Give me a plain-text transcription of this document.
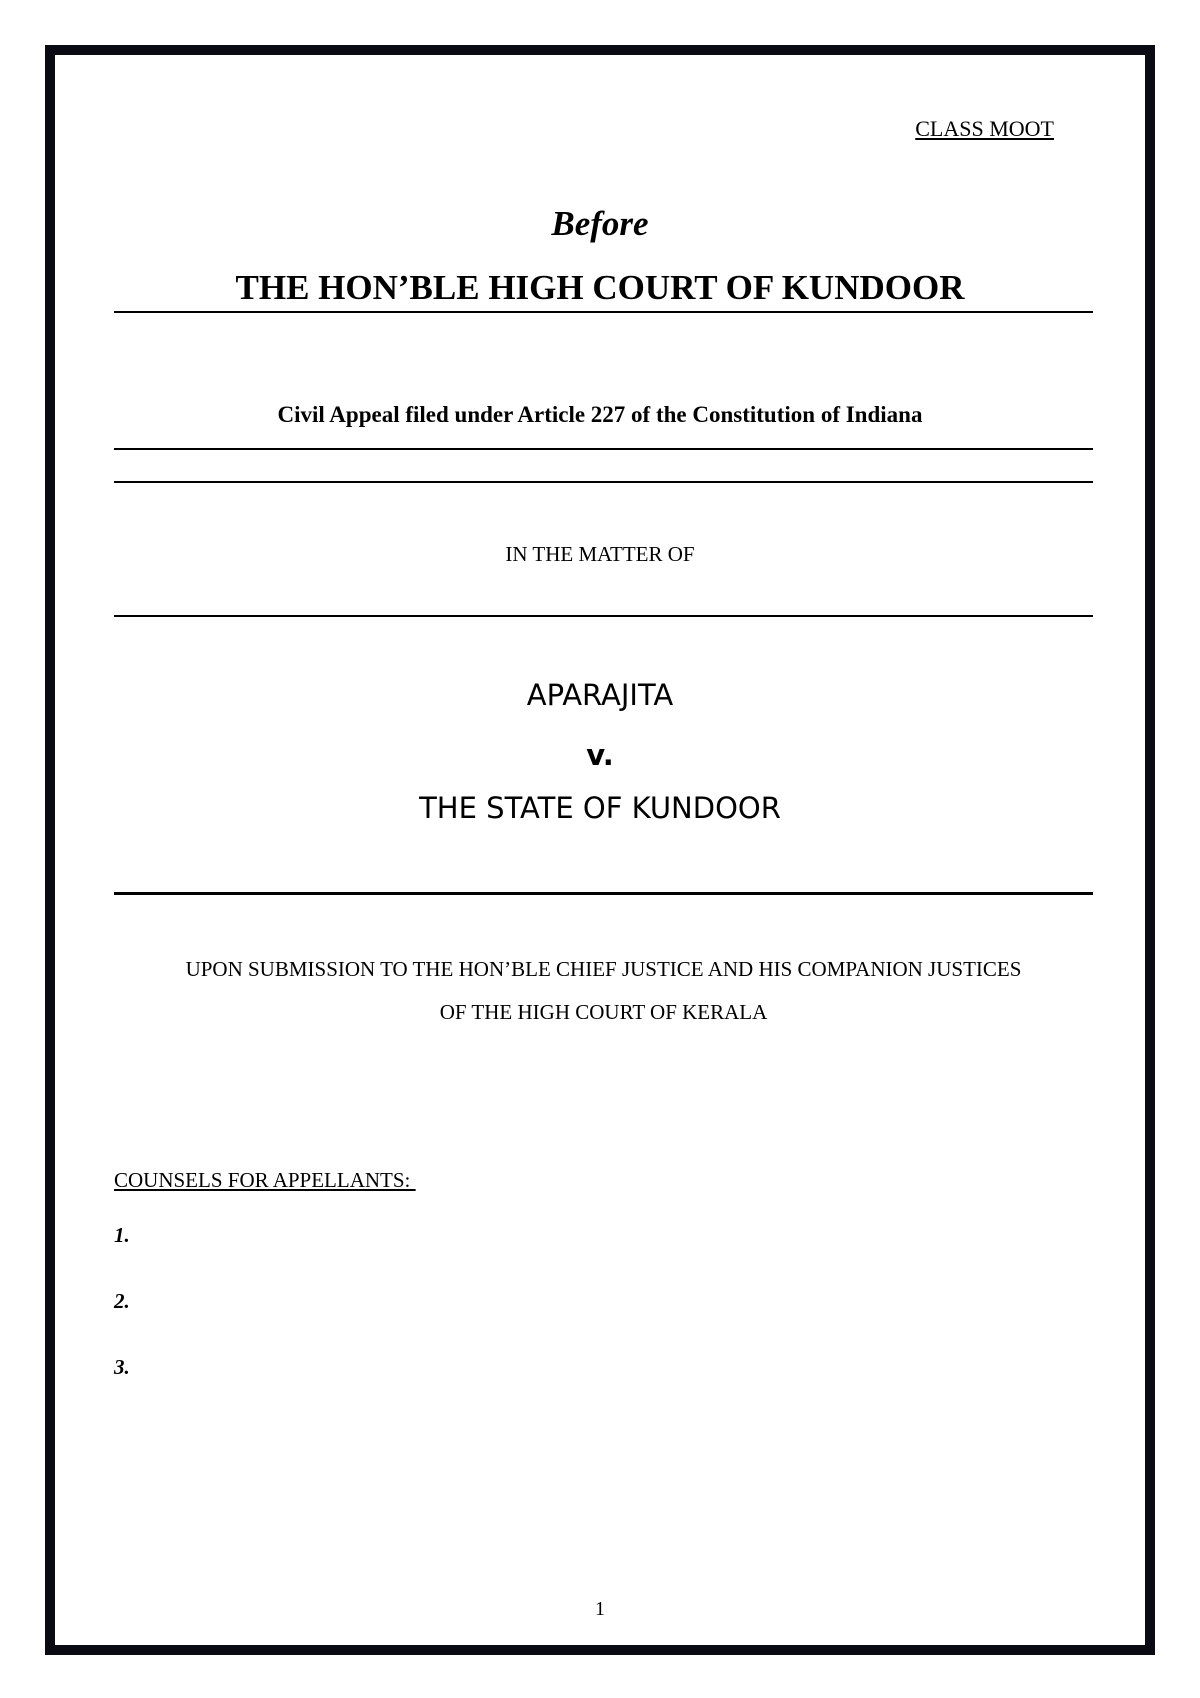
CLASS MOOT

Before

THE HON’BLE HIGH COURT OF KUNDOOR

Civil Appeal filed under Article 227 of the Constitution of Indiana

IN THE MATTER OF

APARAJITA

v.

THE STATE OF KUNDOOR

UPON SUBMISSION TO THE HON’BLE CHIEF JUSTICE AND HIS COMPANION JUSTICES
OF THE HIGH COURT OF KERALA

COUNSELS FOR APPELLANTS:

1.

2.

3.

1
